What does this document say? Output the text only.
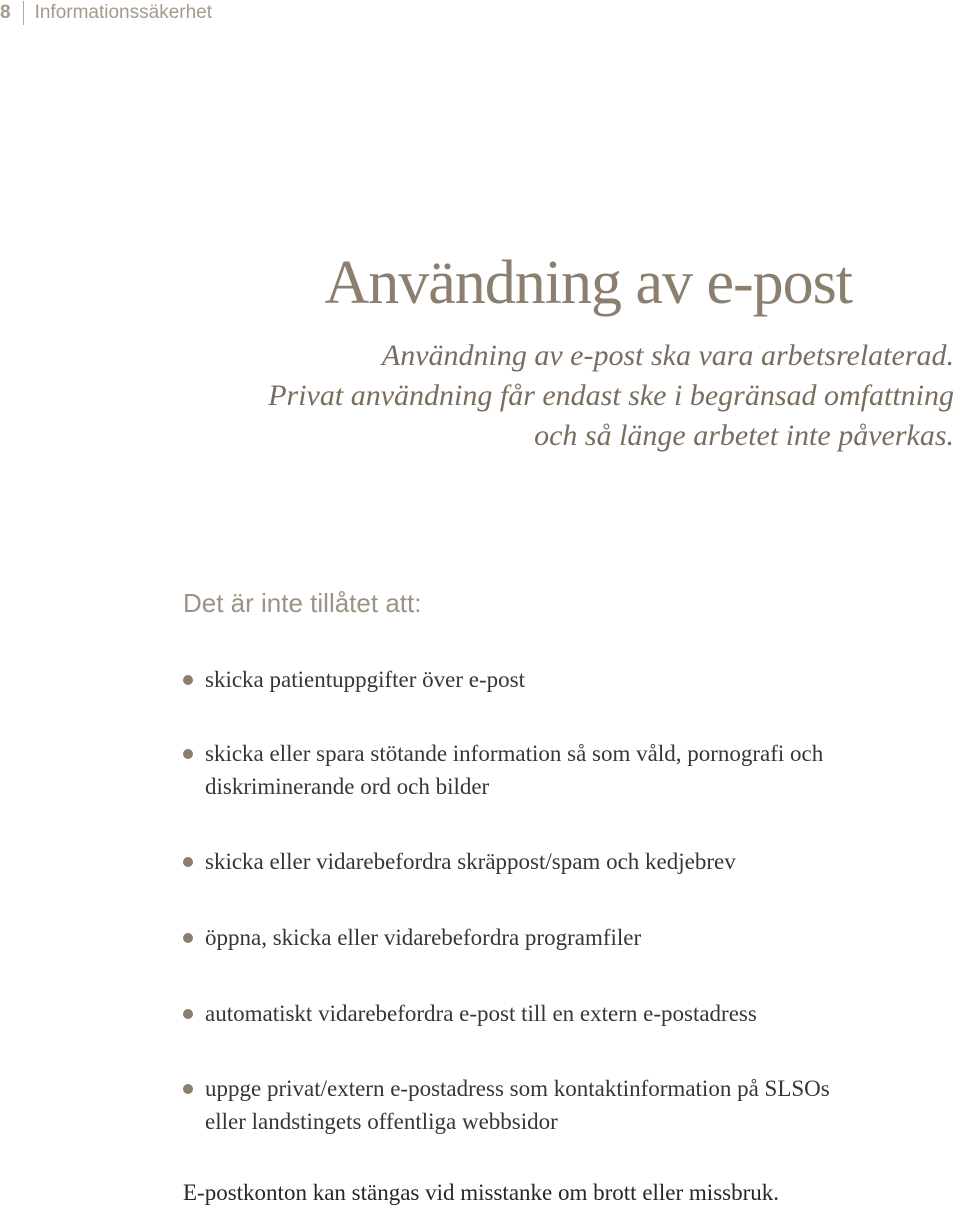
8	Informationssäkerhet
Användning av e-post

Användning av e-post ska vara arbetsrelaterad.
Privat användning får endast ske i begränsad omfattning
och så länge arbetet inte påverkas.

Det är inte tillåtet att:
skicka patientuppgifter över e-post
skicka eller spara stötande information så som våld, pornografi och
diskriminerande ord och bilder
skicka eller vidarebefordra skräppost/spam och kedjebrev
öppna, skicka eller vidarebefordra programfiler
automatiskt vidarebefordra e-post till en extern e-postadress
uppge privat/extern e-postadress som kontaktinformation på SLSOs
eller landstingets offentliga webbsidor

E-postkonton kan stängas vid misstanke om brott eller missbruk.
